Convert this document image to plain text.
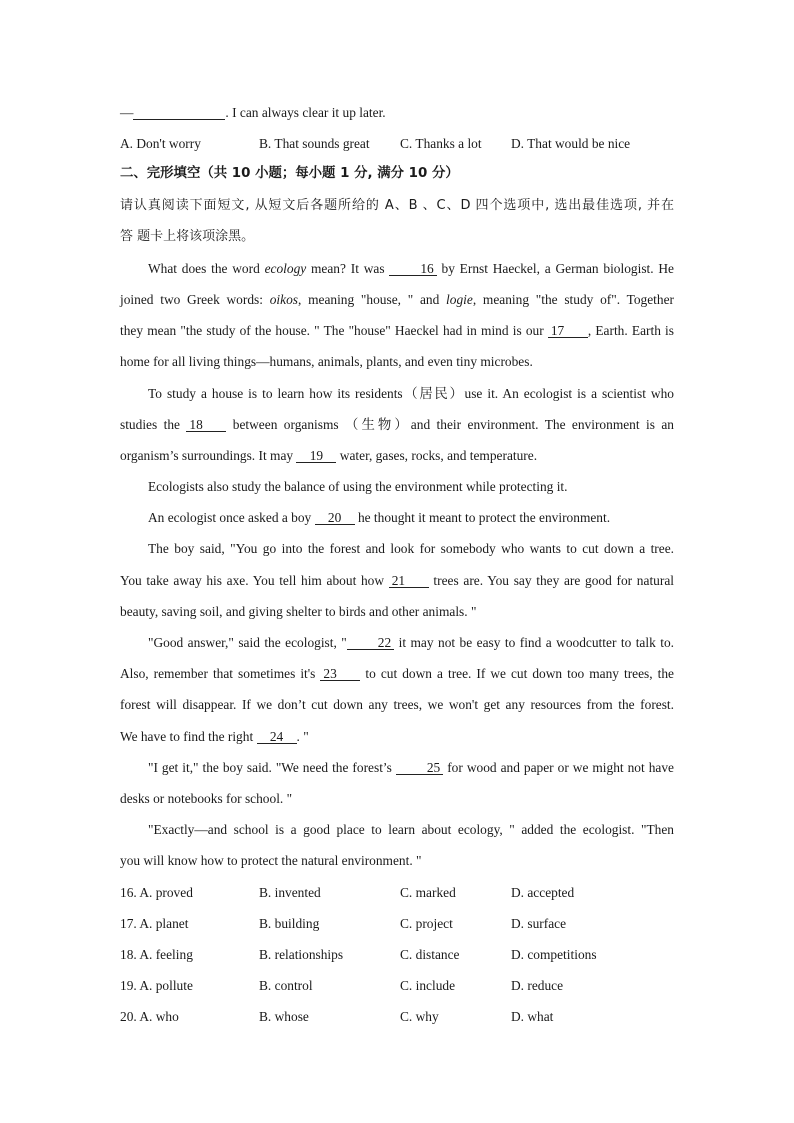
—	. I can always clear it up later.
A. Don't worry	B. That sounds great C. Thanks a lot D. That would be nice
二、完形填空（共 10 小题；每小题 1 分, 满分 10 分）
请认真阅读下面短文, 从短文后各题所给的 A、B 、C、D 四个选项中, 选出最佳选项, 并在
答 题卡上将该项涂黑。
What does the word ecology mean? It was 16 by Ernst Haeckel, a German biologist. He
joined two Greek words: oikos, meaning "house, " and logie, meaning "the study of". Together
they mean "the study of the house. " The "house" Haeckel had in mind is our 17 , Earth. Earth is
home for all living things—humans, animals, plants, and even tiny microbes.
To study a house is to learn how its residents（居民）use it. An ecologist is a scientist who
studies the 18 between organisms （生物）and their environment. The environment is an
organism’s surroundings. It may 19 water, gases, rocks, and temperature.
Ecologists also study the balance of using the environment while protecting it.
An ecologist once asked a boy 20 he thought it meant to protect the environment.
The boy said, "You go into the forest and look for somebody who wants to cut down a tree.
You take away his axe. You tell him about how 21 trees are. You say they are good for natural
beauty, saving soil, and giving shelter to birds and other animals. "
"Good answer," said the ecologist, " 22 it may not be easy to find a woodcutter to talk to.
Also, remember that sometimes it's 23 to cut down a tree. If we cut down too many trees, the
forest will disappear. If we don’t cut down any trees, we won't get any resources from the forest.
We have to find the right 24 . "
"I get it," the boy said. "We need the forest’s 25 for wood and paper or we might not have
desks or notebooks for school. "
"Exactly—and school is a good place to learn about ecology, " added the ecologist. "Then
you will know how to protect the natural environment. "
16. A. proved	B. invented	C. marked	D. accepted
17. A. planet	B. building	C. project	D. surface
18. A. feeling	B. relationships	C. distance	D. competitions
19. A. pollute	B. control	C. include	D. reduce
20. A. who	B. whose	C. why	D. what
